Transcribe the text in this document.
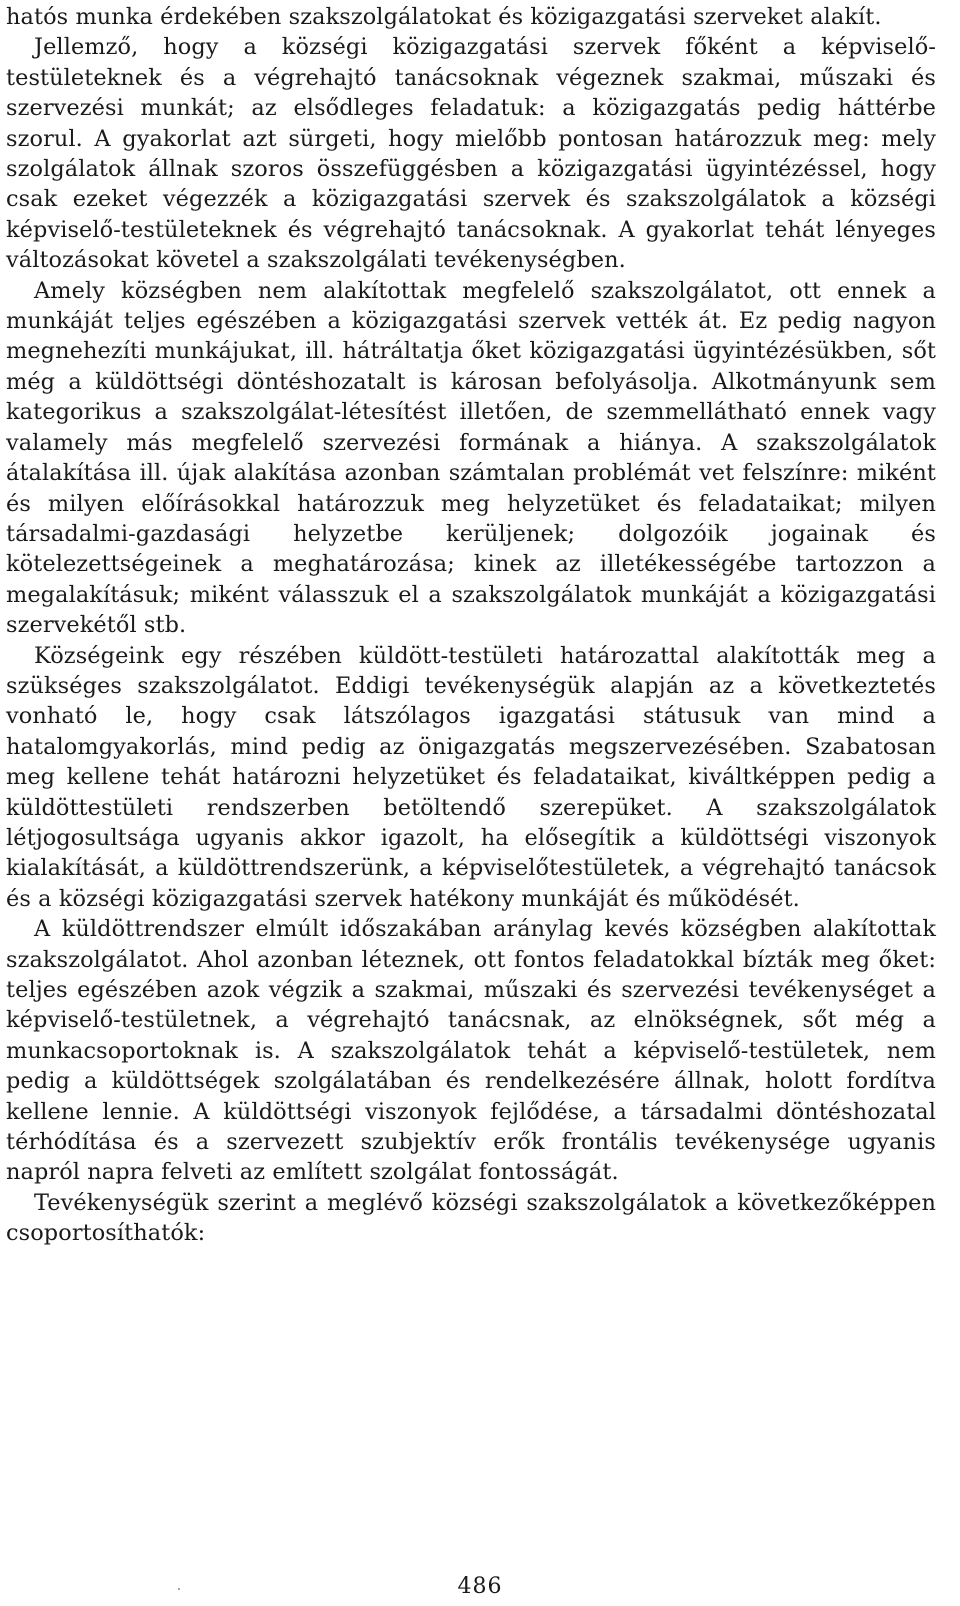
hatós munka érdekében szakszolgálatokat és közigazgatási szerveket alakít.

Jellemző, hogy a községi közigazgatási szervek főként a képviselő-testületeknek és a végrehajtó tanácsoknak végeznek szakmai, műszaki és szervezési munkát; az elsődleges feladatuk: a közigazgatás pedig háttérbe szorul. A gyakorlat azt sürgeti, hogy mielőbb pontosan határozzuk meg: mely szolgálatok állnak szoros összefüggésben a közigazgatási ügyintézéssel, hogy csak ezeket végezzék a közigazgatási szervek és szakszolgálatok a községi képviselő-testületeknek és végrehajtó tanácsoknak. A gyakorlat tehát lényeges változásokat követel a szakszolgálati tevékenységben.

Amely községben nem alakítottak megfelelő szakszolgálatot, ott ennek a munkáját teljes egészében a közigazgatási szervek vették át. Ez pedig nagyon megnehezíti munkájukat, ill. hátráltatja őket közigazgatási ügyintézésükben, sőt még a küldöttségi döntéshozatalt is károsan befolyásolja. Alkotmányunk sem kategorikus a szakszolgálat-létesítést illetően, de szemmellátható ennek vagy valamely más megfelelő szervezési formának a hiánya. A szakszolgálatok átalakítása ill. újak alakítása azonban számtalan problémát vet felszínre: miként és milyen előírásokkal határozzuk meg helyzetüket és feladataikat; milyen társadalmi-gazdasági helyzetbe kerüljenek; dolgozóik jogainak és kötelezettségeinek a meghatározása; kinek az illetékességébe tartozzon a megalakításuk; miként válasszuk el a szakszolgálatok munkáját a közigazgatási szervekétől stb.

Községeink egy részében küldött-testületi határozattal alakították meg a szükséges szakszolgálatot. Eddigi tevékenységük alapján az a következtetés vonható le, hogy csak látszólagos igazgatási státusuk van mind a hatalomgyakorlás, mind pedig az önigazgatás megszervezésében. Szabatosan meg kellene tehát határozni helyzetüket és feladataikat, kiváltképpen pedig a küldöttestületi rendszerben betöltendő szerepüket. A szakszolgálatok létjogosultsága ugyanis akkor igazolt, ha elősegítik a küldöttségi viszonyok kialakítását, a küldöttrendszerünk, a képviselőtestületek, a végrehajtó tanácsok és a községi közigazgatási szervek hatékony munkáját és működését.

A küldöttrendszer elmúlt időszakában aránylag kevés községben alakítottak szakszolgálatot. Ahol azonban léteznek, ott fontos feladatokkal bízták meg őket: teljes egészében azok végzik a szakmai, műszaki és szervezési tevékenységet a képviselő-testületnek, a végrehajtó tanácsnak, az elnökségnek, sőt még a munkacsoportoknak is. A szakszolgálatok tehát a képviselő-testületek, nem pedig a küldöttségek szolgálatában és rendelkezésére állnak, holott fordítva kellene lennie. A küldöttségi viszonyok fejlődése, a társadalmi döntéshozatal térhódítása és a szervezett szubjektív erők frontális tevékenysége ugyanis napról napra felveti az említett szolgálat fontosságát.

Tevékenységük szerint a meglévő községi szakszolgálatok a következőképpen csoportosíthatók:

486
